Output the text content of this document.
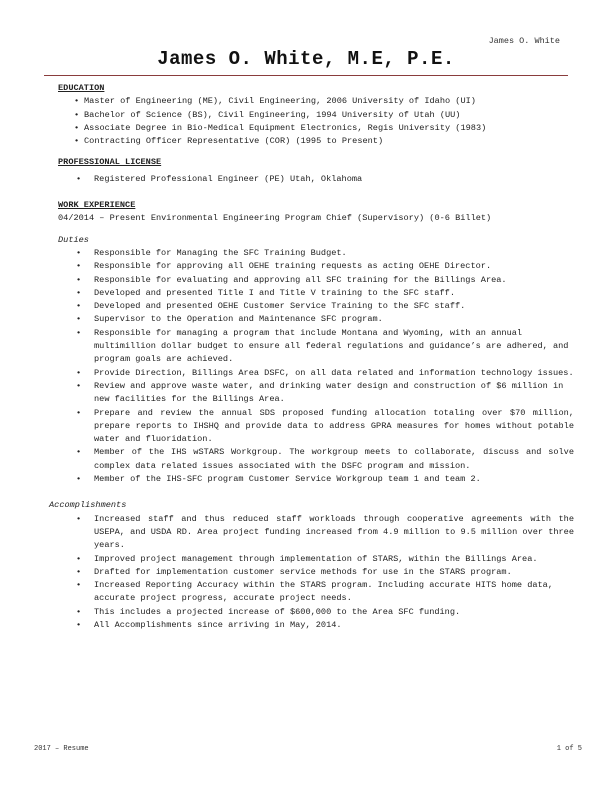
James O. White
James O. White, M.E, P.E.
EDUCATION
• Master of Engineering (ME), Civil Engineering, 2006 University of Idaho (UI)
• Bachelor of Science (BS), Civil Engineering, 1994 University of Utah (UU)
• Associate Degree in Bio-Medical Equipment Electronics, Regis University (1983)
• Contracting Officer Representative (COR) (1995 to Present)
PROFESSIONAL LICENSE
• Registered Professional Engineer (PE) Utah, Oklahoma
WORK EXPERIENCE
04/2014 – Present Environmental Engineering Program Chief (Supervisory) (0-6 Billet)
Duties
• Responsible for Managing the SFC Training Budget.
• Responsible for approving all OEHE training requests as acting OEHE Director.
• Responsible for evaluating and approving all SFC training for the Billings Area.
• Developed and presented Title I and Title V training to the SFC staff.
• Developed and presented OEHE Customer Service Training to the SFC staff.
• Supervisor to the Operation and Maintenance SFC program.
• Responsible for managing a program that include Montana and Wyoming, with an annual multimillion dollar budget to ensure all federal regulations and guidance’s are adhered, and program goals are achieved.
• Provide Direction, Billings Area DSFC, on all data related and information technology issues.
• Review and approve waste water, and drinking water design and construction of $6 million in new facilities for the Billings Area.
• Prepare and review the annual SDS proposed funding allocation totaling over $70 million, prepare reports to IHSHQ and provide data to address GPRA measures for homes without potable water and fluoridation.
• Member of the IHS wSTARS Workgroup. The workgroup meets to collaborate, discuss and solve complex data related issues associated with the DSFC program and mission.
• Member of the IHS-SFC program Customer Service Workgroup team 1 and team 2.
Accomplishments
• Increased staff and thus reduced staff workloads through cooperative agreements with the USEPA, and USDA RD. Area project funding increased from 4.9 million to 9.5 million over three years.
• Improved project management through implementation of STARS, within the Billings Area.
• Drafted for implementation customer service methods for use in the STARS program.
• Increased Reporting Accuracy within the STARS program. Including accurate HITS home data, accurate project progress, accurate project needs.
• This includes a projected increase of $600,000 to the Area SFC funding.
• All Accomplishments since arriving in May, 2014.
2017 – Resume	1 of 5
